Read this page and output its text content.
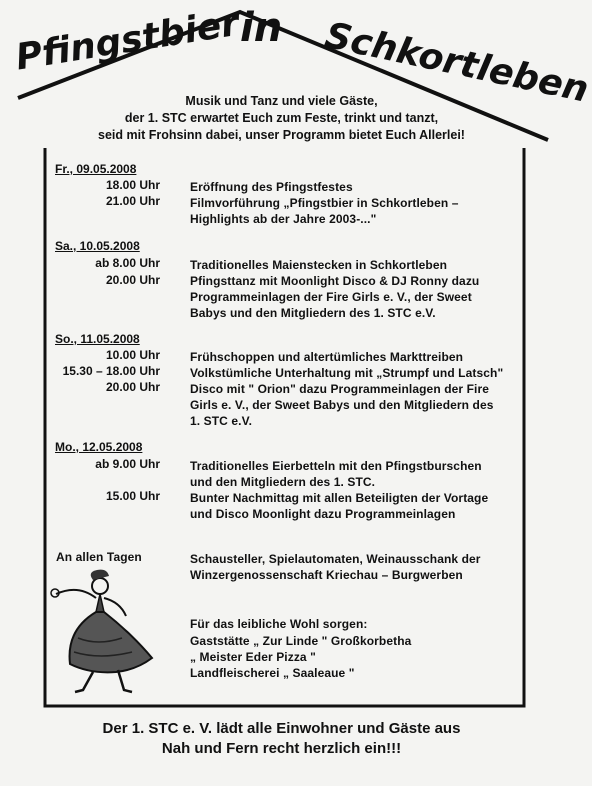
Pfingstbier
in Schkortleben
Musik und Tanz und viele Gäste,
der 1. STC erwartet Euch zum Feste, trinkt und tanzt,
seid mit Frohsinn dabei, unser Programm bietet Euch Allerlei!
Fr., 09.05.2008
18.00 Uhr
21.00 Uhr
Eröffnung des Pfingstfestes
Filmvorführung „Pfingstbier in Schkortleben –
Highlights ab der Jahre 2003-..."
Sa., 10.05.2008
ab 8.00 Uhr
20.00 Uhr
Traditionelles Maienstecken in Schkortleben
Pfingsttanz mit Moonlight Disco & DJ Ronny dazu
Programmeinlagen der Fire Girls e. V., der Sweet
Babys und den Mitgliedern des 1. STC e.V.
So., 11.05.2008
10.00 Uhr
15.30 – 18.00 Uhr
20.00 Uhr
Frühschoppen und altertümliches Markttreiben
Volkstümliche Unterhaltung mit „Strumpf und Latsch"
Disco mit " Orion" dazu Programmeinlagen der Fire
Girls e. V., der Sweet Babys und den Mitgliedern des
1. STC e.V.
Mo., 12.05.2008
ab 9.00 Uhr
15.00 Uhr
Traditionelles Eierbetteln mit den Pfingstburschen
und den Mitgliedern des 1. STC.
Bunter Nachmittag mit allen Beteiligten der Vortage
und Disco Moonlight dazu Programmeinlagen
An allen Tagen	Schausteller, Spielautomaten, Weinausschank der
Winzergenossenschaft Kriechau – Burgwerben
Für das leibliche Wohl sorgen:
Gaststätte „ Zur Linde " Großkorbetha
„ Meister Eder Pizza "
Landfleischerei „ Saaleaue "
Der 1. STC e. V. lädt alle Einwohner und Gäste aus
Nah und Fern recht herzlich ein!!!
